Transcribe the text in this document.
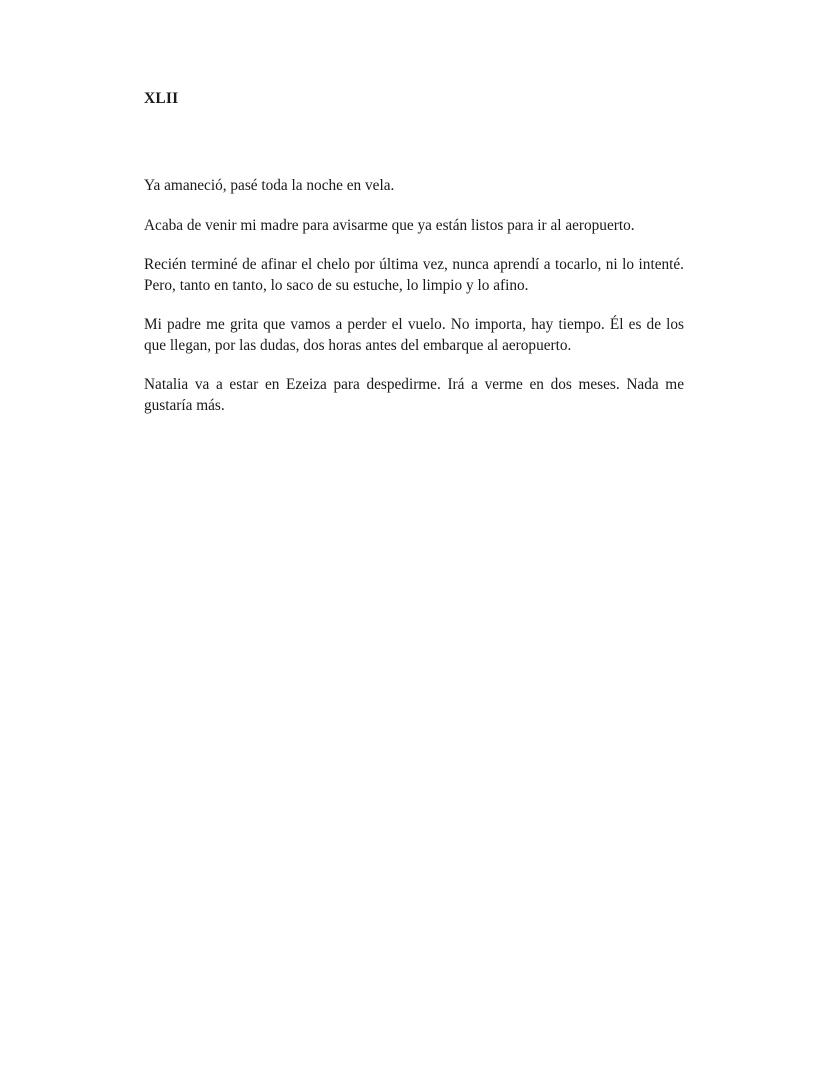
XLII

Ya amaneció, pasé toda la noche en vela.

Acaba de venir mi madre para avisarme que ya están listos para ir al aeropuerto.

Recién terminé de afinar el chelo por última vez, nunca aprendí a tocarlo, ni lo intenté. Pero, tanto en tanto, lo saco de su estuche, lo limpio y lo afino.

Mi padre me grita que vamos a perder el vuelo. No importa, hay tiempo. Él es de los que llegan, por las dudas, dos horas antes del embarque al aeropuerto.

Natalia va a estar en Ezeiza para despedirme. Irá a verme en dos meses. Nada me gustaría más.
